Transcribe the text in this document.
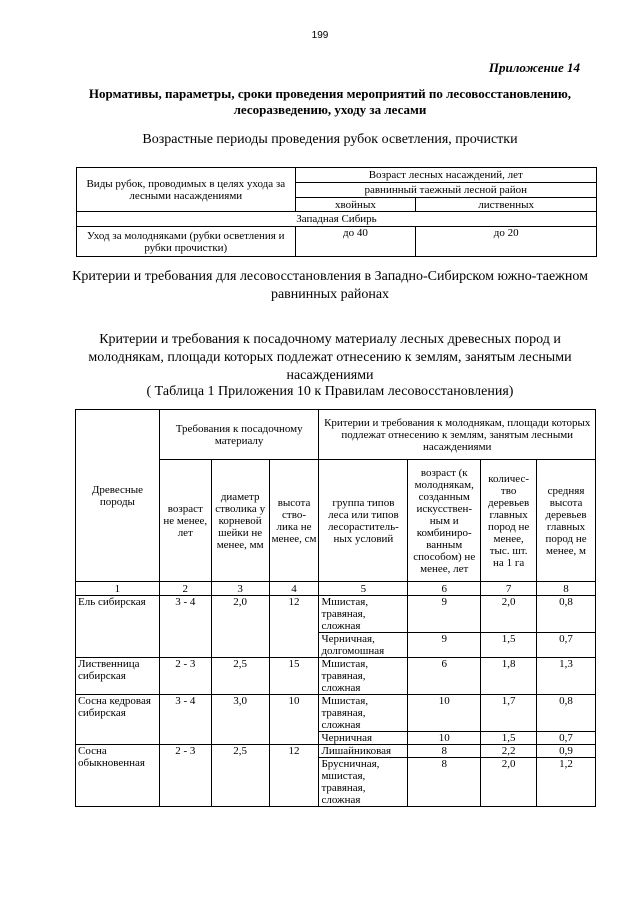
199
Приложение 14
Нормативы, параметры, сроки проведения мероприятий по лесовосстановлению, лесоразведению, уходу за лесами
Возрастные периоды проведения рубок осветления, прочистки
Виды рубок, проводимых в целях ухода за лесными насаждениями	Возраст лесных насаждений, лет	
	равнинный таежный лесной район	
	хвойных	лиственных
Западная Сибирь		
Уход за молодняками (рубки осветления и рубки прочистки)	до 40	до 20
Критерии и требования для лесовосстановления в Западно-Сибирском южно-таежном равнинных районах
Критерии и требования к посадочному материалу лесных древесных пород и молоднякам, площади которых подлежат отнесению к землям, занятым лесными насаждениями
( Таблица 1 Приложения 10 к Правилам лесовосстановления)
Древесные породы	Требования к посадочному материалу			Критерии и требования к молоднякам, площади которых подлежат отнесению к землям, занятым лесными насаждениями			
	возраст не менее, лет	диаметр стволика у корневой шейки не менее, мм	высота ство-лика не менее, см	группа типов леса или типов лесораститель-ных условий	возраст (к молоднякам, созданным искусствен-ным и комбиниро-ванным способом) не менее, лет	количес-тво деревьев главных пород не менее, тыс. шт. на 1 га	средняя высота деревьев главных пород не менее, м
1	2	3	4	5	6	7	8
Ель сибирская	3 - 4	2,0	12	Мшистая, травяная, сложная	9	2,0	0,8
				Черничная, долгомошная	9	1,5	0,7
Лиственница сибирская	2 - 3	2,5	15	Мшистая, травяная, сложная	6	1,8	1,3
Сосна кедровая сибирская	3 - 4	3,0	10	Мшистая, травяная, сложная	10	1,7	0,8
				Черничная	10	1,5	0,7
Сосна обыкновенная	2 - 3	2,5	12	Лишайниковая	8	2,2	0,9
				Брусничная, мшистая, травяная, сложная	8	2,0	1,2
